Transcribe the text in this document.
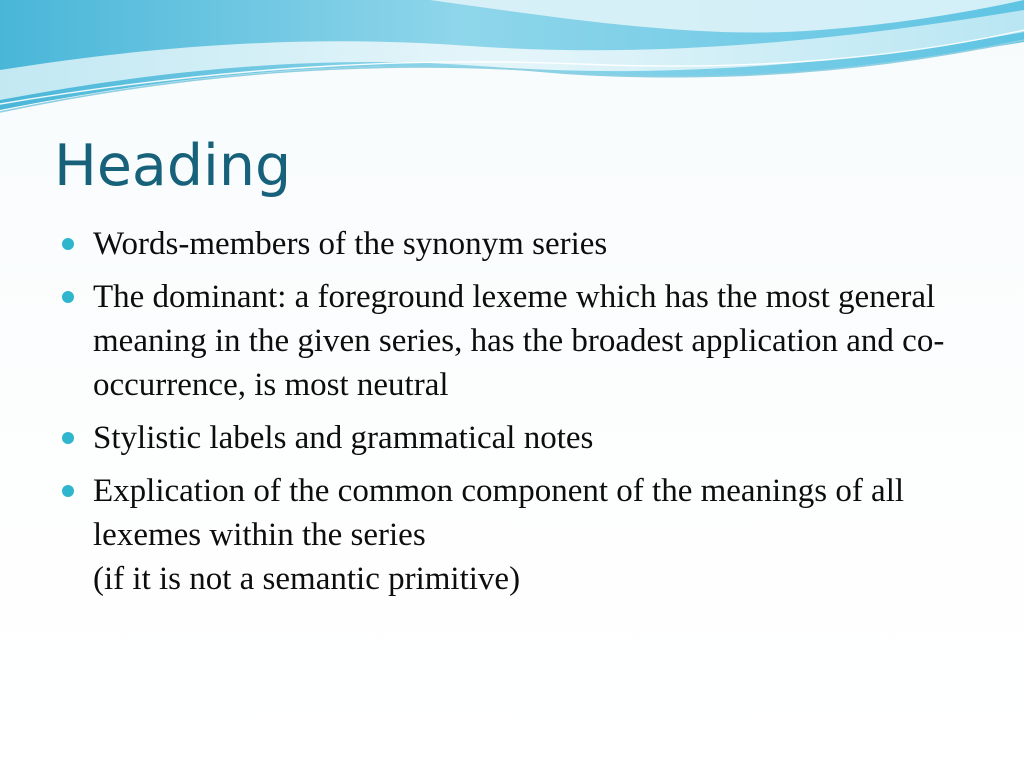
Heading
Words-members of the synonym series
The dominant: a foreground lexeme which has the most general meaning in the given series, has the broadest application and co-occurrence, is most neutral
Stylistic labels and grammatical notes
Explication of the common component of the meanings of all lexemes within the series
(if it is not a semantic primitive)
